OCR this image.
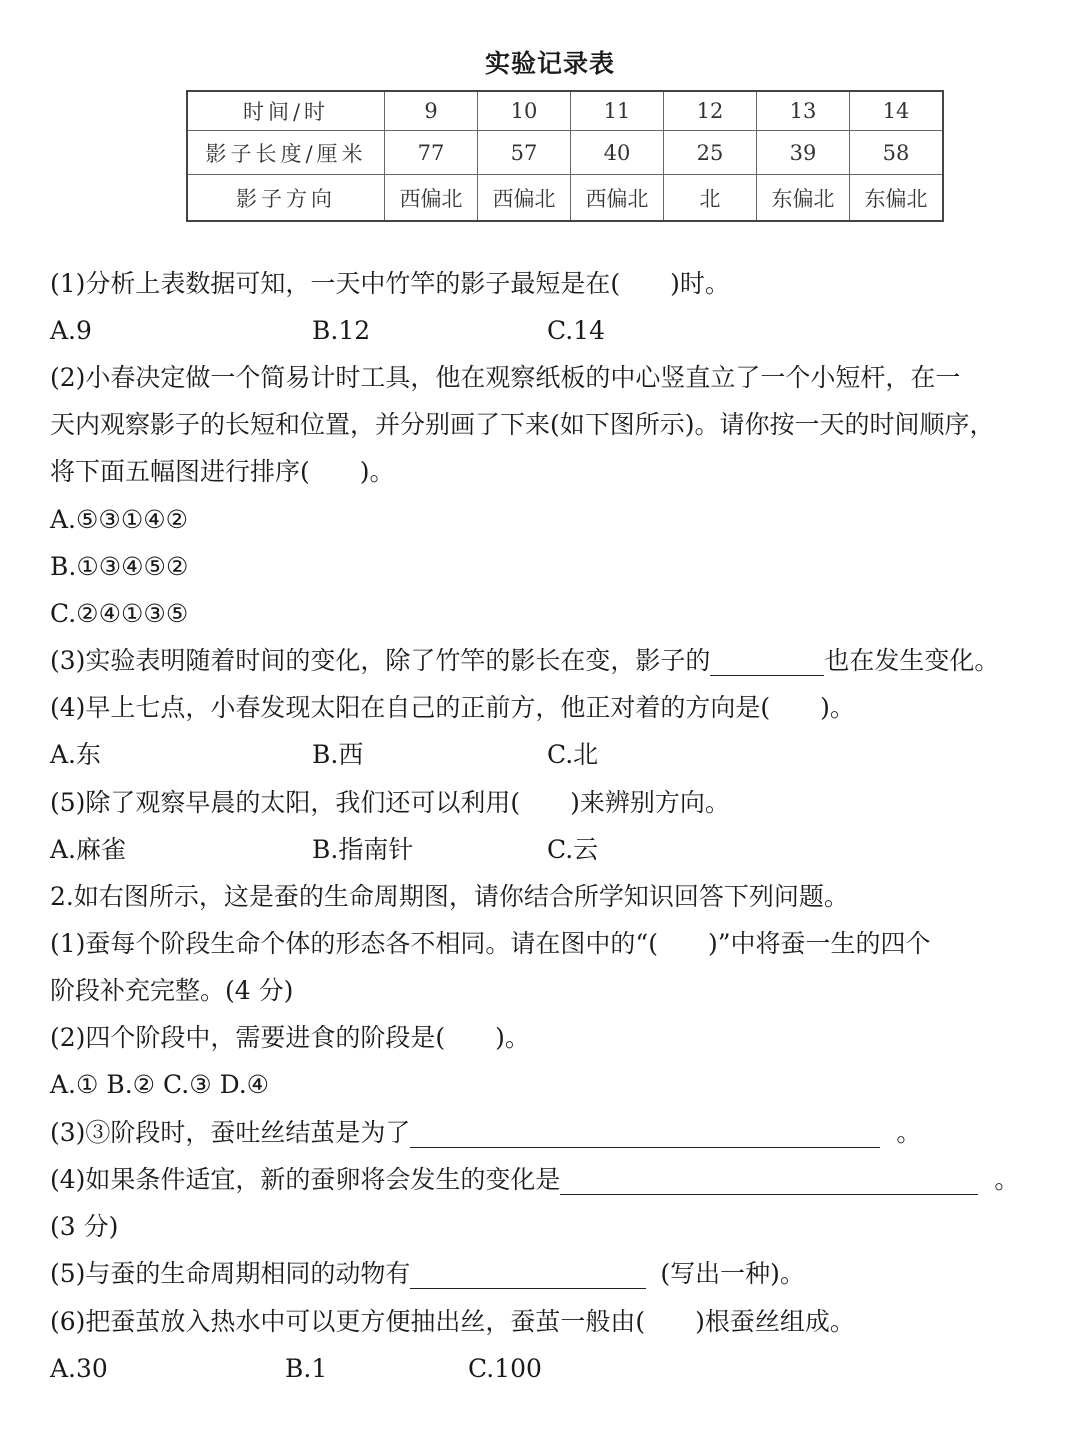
实验记录表
时间/时	9	10	11	12	13	14
影子长度/厘米	77	57	40	25	39	58
影子方向	西偏北	西偏北	西偏北	北	东偏北	东偏北
(1)分析上表数据可知，一天中竹竿的影子最短是在(　　)时。
A.9	B.12	C.14
(2)小春决定做一个简易计时工具，他在观察纸板的中心竖直立了一个小短杆，在一
天内观察影子的长短和位置，并分别画了下来(如下图所示)。请你按一天的时间顺序，
将下面五幅图进行排序(　　)。
A.⑤③①④②
B.①③④⑤②
C.②④①③⑤
(3)实验表明随着时间的变化，除了竹竿的影长在变，影子的	也在发生变化。
(4)早上七点，小春发现太阳在自己的正前方，他正对着的方向是(　　)。
A.东	B.西	C.北
(5)除了观察早晨的太阳，我们还可以利用(　　)来辨别方向。
A.麻雀	B.指南针	C.云
2.如右图所示，这是蚕的生命周期图，请你结合所学知识回答下列问题。
(1)蚕每个阶段生命个体的形态各不相同。请在图中的“(　　)”中将蚕一生的四个
阶段补充完整。(4 分)
(2)四个阶段中，需要进食的阶段是(　　)。
A.① B.② C.③ D.④
(3)③阶段时，蚕吐丝结茧是为了	。
(4)如果条件适宜，新的蚕卵将会发生的变化是	。
(3 分)
(5)与蚕的生命周期相同的动物有	(写出一种)。
(6)把蚕茧放入热水中可以更方便抽出丝，蚕茧一般由(　　)根蚕丝组成。
A.30	B.1	C.100
